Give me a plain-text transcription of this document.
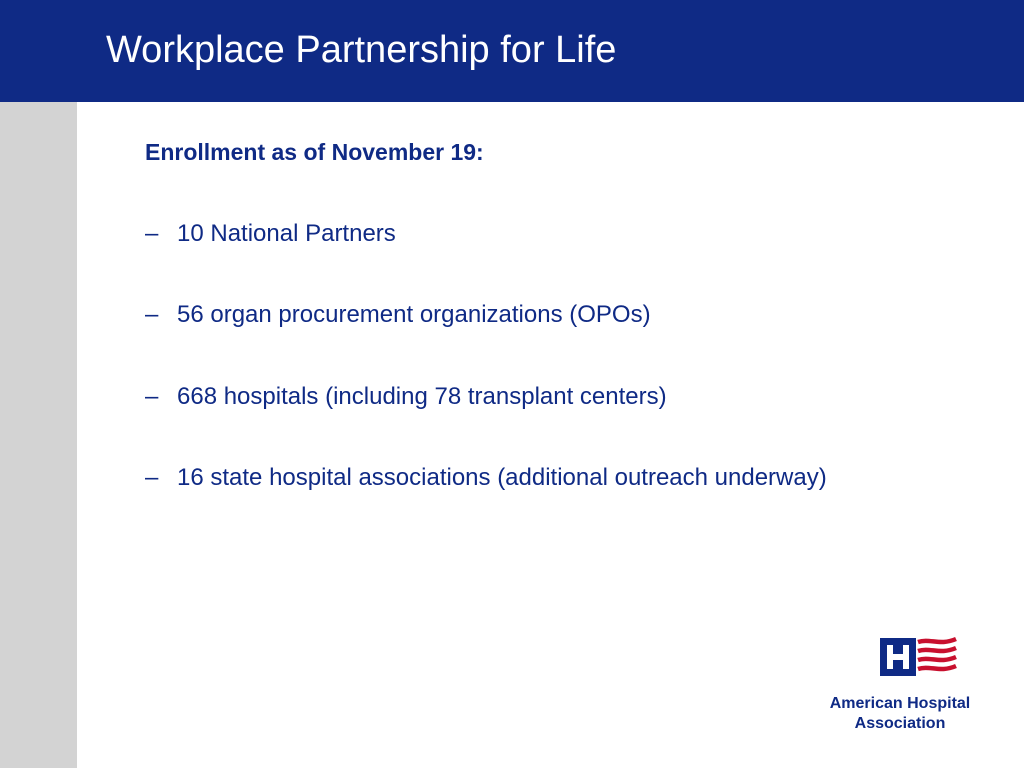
Workplace Partnership for Life

Enrollment as of November 19:

– 10 National Partners
– 56 organ procurement organizations (OPOs)
– 668 hospitals (including 78 transplant centers)
– 16 state hospital associations (additional outreach underway)
American Hospital
Association
